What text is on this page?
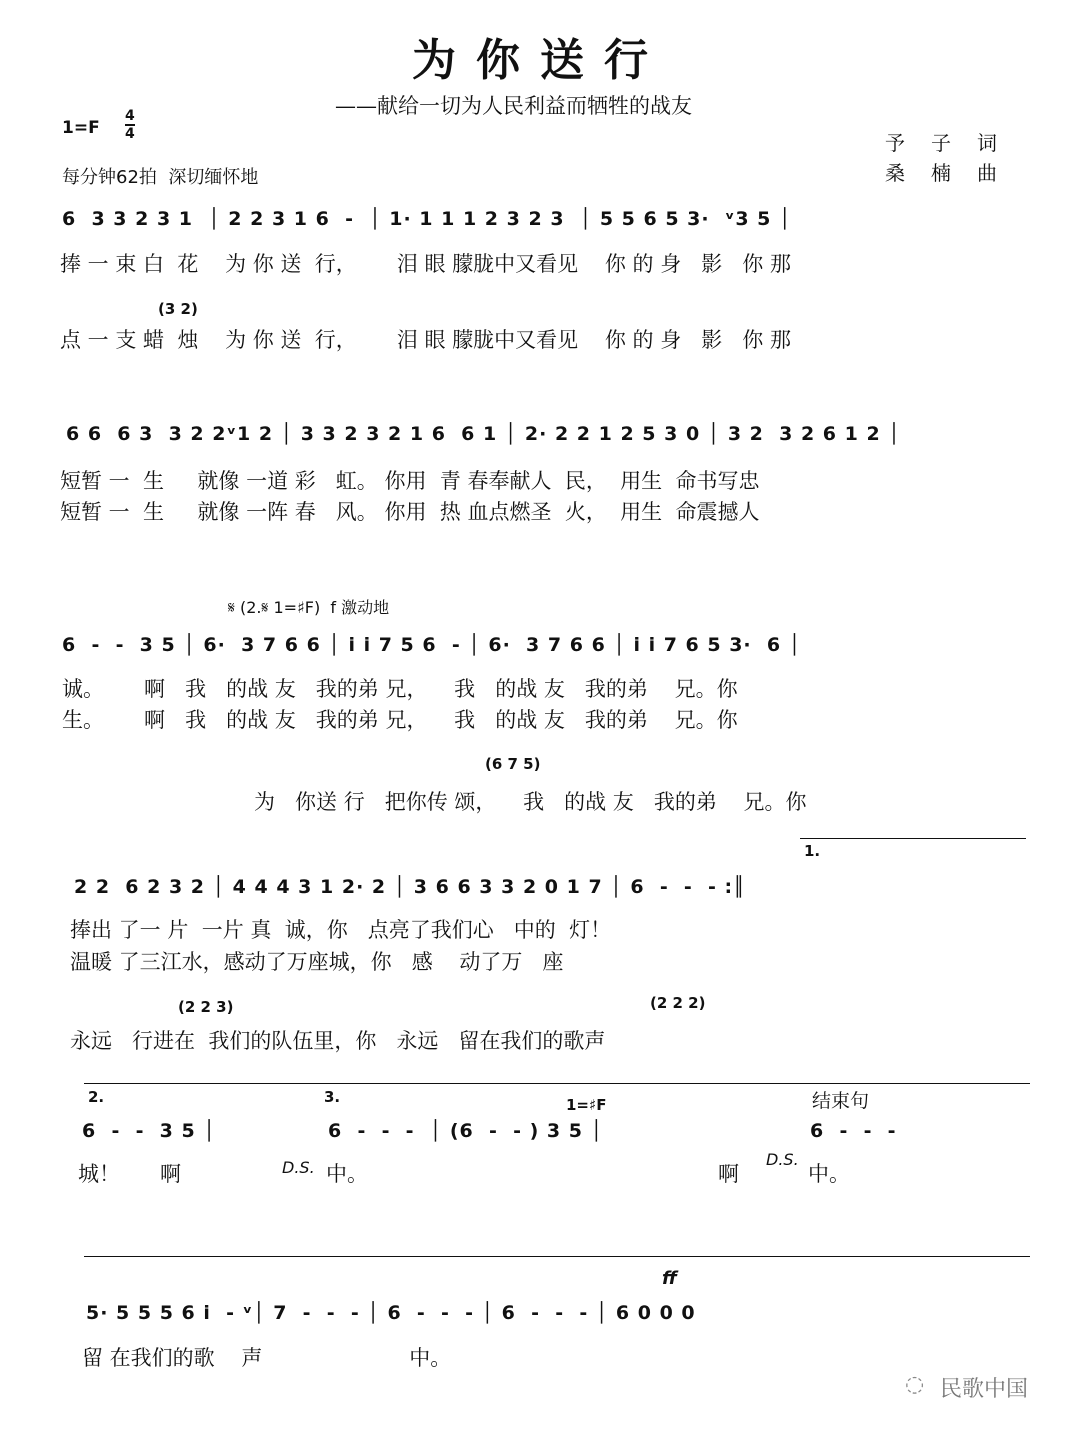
为你送行
——献给一切为人民利益而牺牲的战友
$1=F \frac{4}{4}$
每分钟62拍  深切缅怀地
予子词
桑楠曲
6  3 3 2 3 1  │ 2 2 3 1 6  -  │ 1· 1 1 1 2 3 2 3  │ 5 5 6 5 3·  ᵛ3 5 │
捧 一 束 白  花    为 你 送  行，      泪 眼 朦胧中又看见    你 的 身   影   你 那
(3 2)
点 一 支 蜡  烛    为 你 送  行，      泪 眼 朦胧中又看见    你 的 身   影   你 那
6 6  6 3  3 2 2ᵛ1 2 │ 3 3 2 3 2 1 6  6 1 │ 2· 2 2 1 2 5 3 0 │ 3 2  3 2 6 1 2 │
短暂 一  生     就像 一道 彩   虹。 你用  青 春奉献人  民，  用生  命书写忠
短暂 一  生     就像 一阵 春   风。 你用  热 血点燃圣  火，  用生  命震撼人
𝄋 (2.𝄋 1=♯F)  f 激动地
6  -  -  3 5 │ 6·  3 7 6 6 │ i i 7 5 6  - │ 6·  3 7 6 6 │ i i 7 6 5 3·  6 │
诚。      啊   我   的战 友   我的弟 兄，    我   的战 友   我的弟    兄。你
生。      啊   我   的战 友   我的弟 兄，    我   的战 友   我的弟    兄。你
(6 7 5)
为   你送 行   把你传 颂，    我   的战 友   我的弟    兄。你
1.
2 2  6 2 3 2 │ 4 4 4 3 1 2· 2 │ 3 6 6 3 3 2 0 1 7 │ 6  -  -  - :║
捧出 了一 片  一片 真  诚，你   点亮了我们心   中的  灯！
温暖 了三江水，感动了万座城，你   感    动了万   座
(2 2 3)	(2 2 2)
永远   行进在  我们的队伍里，你   永远   留在我们的歌声
2.	3.	1=♯F	结束句
6  -  -  3 5 │	6  -  -  -  │ (6  -  - ) 3 5 │	6  -  -  -
城！      啊	D.S. 中。	啊
D.S.
中。
ff
5· 5 5 5 6 i  - ᵛ│ 7  -  -  - │ 6  -  -  - │ 6  -  -  - │ 6 0 0 0
留 在我们的歌    声                      中。
◌ 民歌中国
